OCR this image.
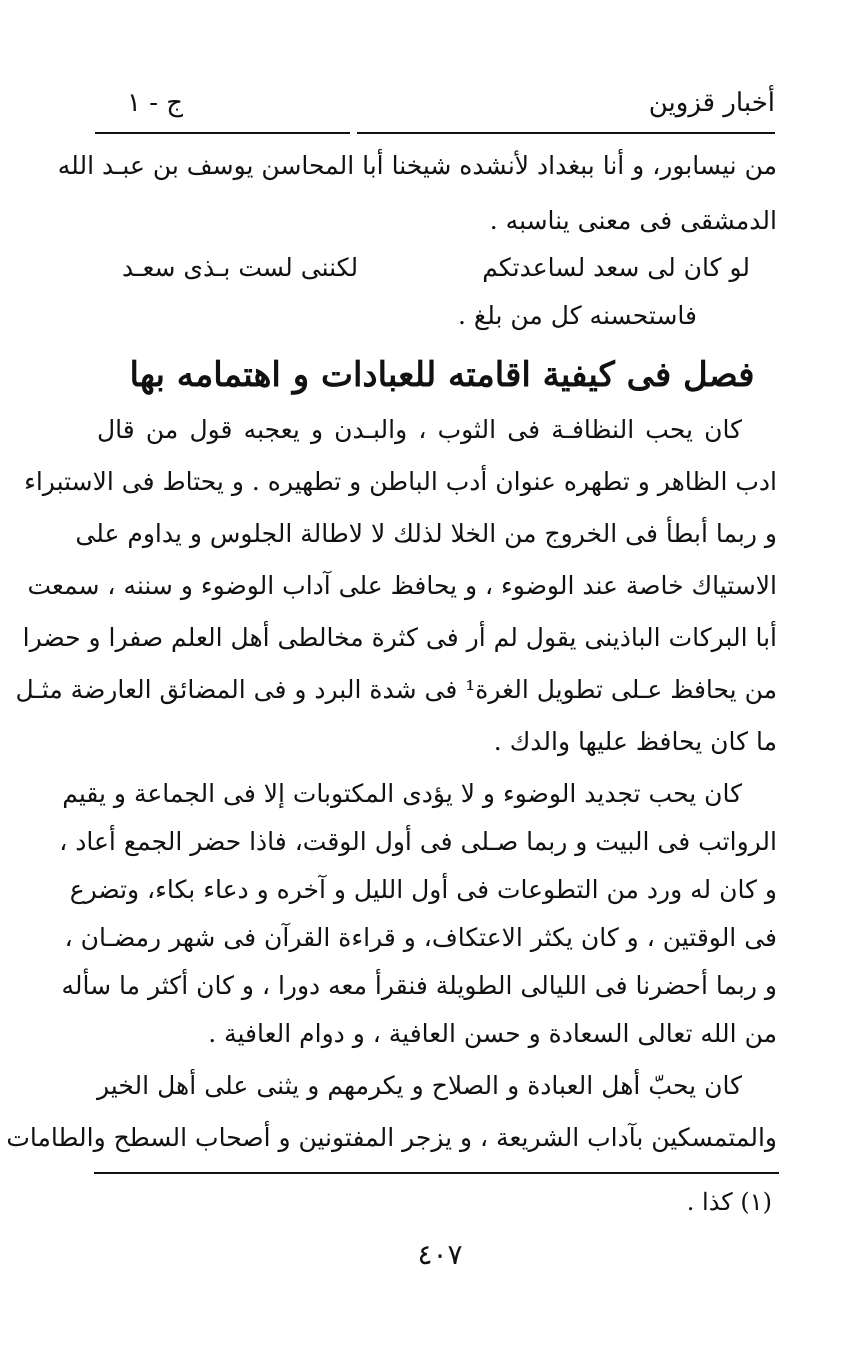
أخبار قزوين
ج - ١
من نيسابور، و أنا ببغداد لأنشده شيخنا أبا المحاسن يوسف بن عبـد الله
الدمشقى فى معنى يناسبه .
لو كان لى سعد لساعدتكم
لكننى لست بـذى سعـد
فاستحسنه كل من بلغ .
فصل فى كيفية اقامته للعبادات و اهتمامه بها
كان يحب النظافـة فى الثوب ، والبـدن و يعجبه قول من قال
ادب الظاهر و تطهره عنوان أدب الباطن و تطهيره . و يحتاط فى الاستبراء
و ربما أبطأ فى الخروج من الخلا لذلك لا لاطالة الجلوس و يداوم على
الاستياك خاصة عند الوضوء ، و يحافظ على آداب الوضوء و سننه ، سمعت
أبا البركات الباذينى يقول لم أر فى كثرة مخالطى أهل العلم صفرا و حضرا
من يحافظ عـلى تطويل الغرة¹ فى شدة البرد و فى المضائق العارضة مثـل
ما كان يحافظ عليها والدك .
كان يحب تجديد الوضوء و لا يؤدى المكتوبات إلا فى الجماعة و يقيم
الرواتب فى البيت و ربما صـلى فى أول الوقت، فاذا حضر الجمع أعاد ،
و كان له ورد من التطوعات فى أول الليل و آخره و دعاء بكاء، وتضرع
فى الوقتين ، و كان يكثر الاعتكاف، و قراءة القرآن فى شهر رمضـان ،
و ربما أحضرنا فى الليالى الطويلة فنقرأ معه دورا ، و كان أكثر ما سأله
من الله تعالى السعادة و حسن العافية ، و دوام العافية .
كان يحبّ أهل العبادة و الصلاح و يكرمهم و يثنى على أهل الخير
والمتمسكين بآداب الشريعة ، و يزجر المفتونين و أصحاب السطح والطامات
(١) كذا .
٤٠٧
